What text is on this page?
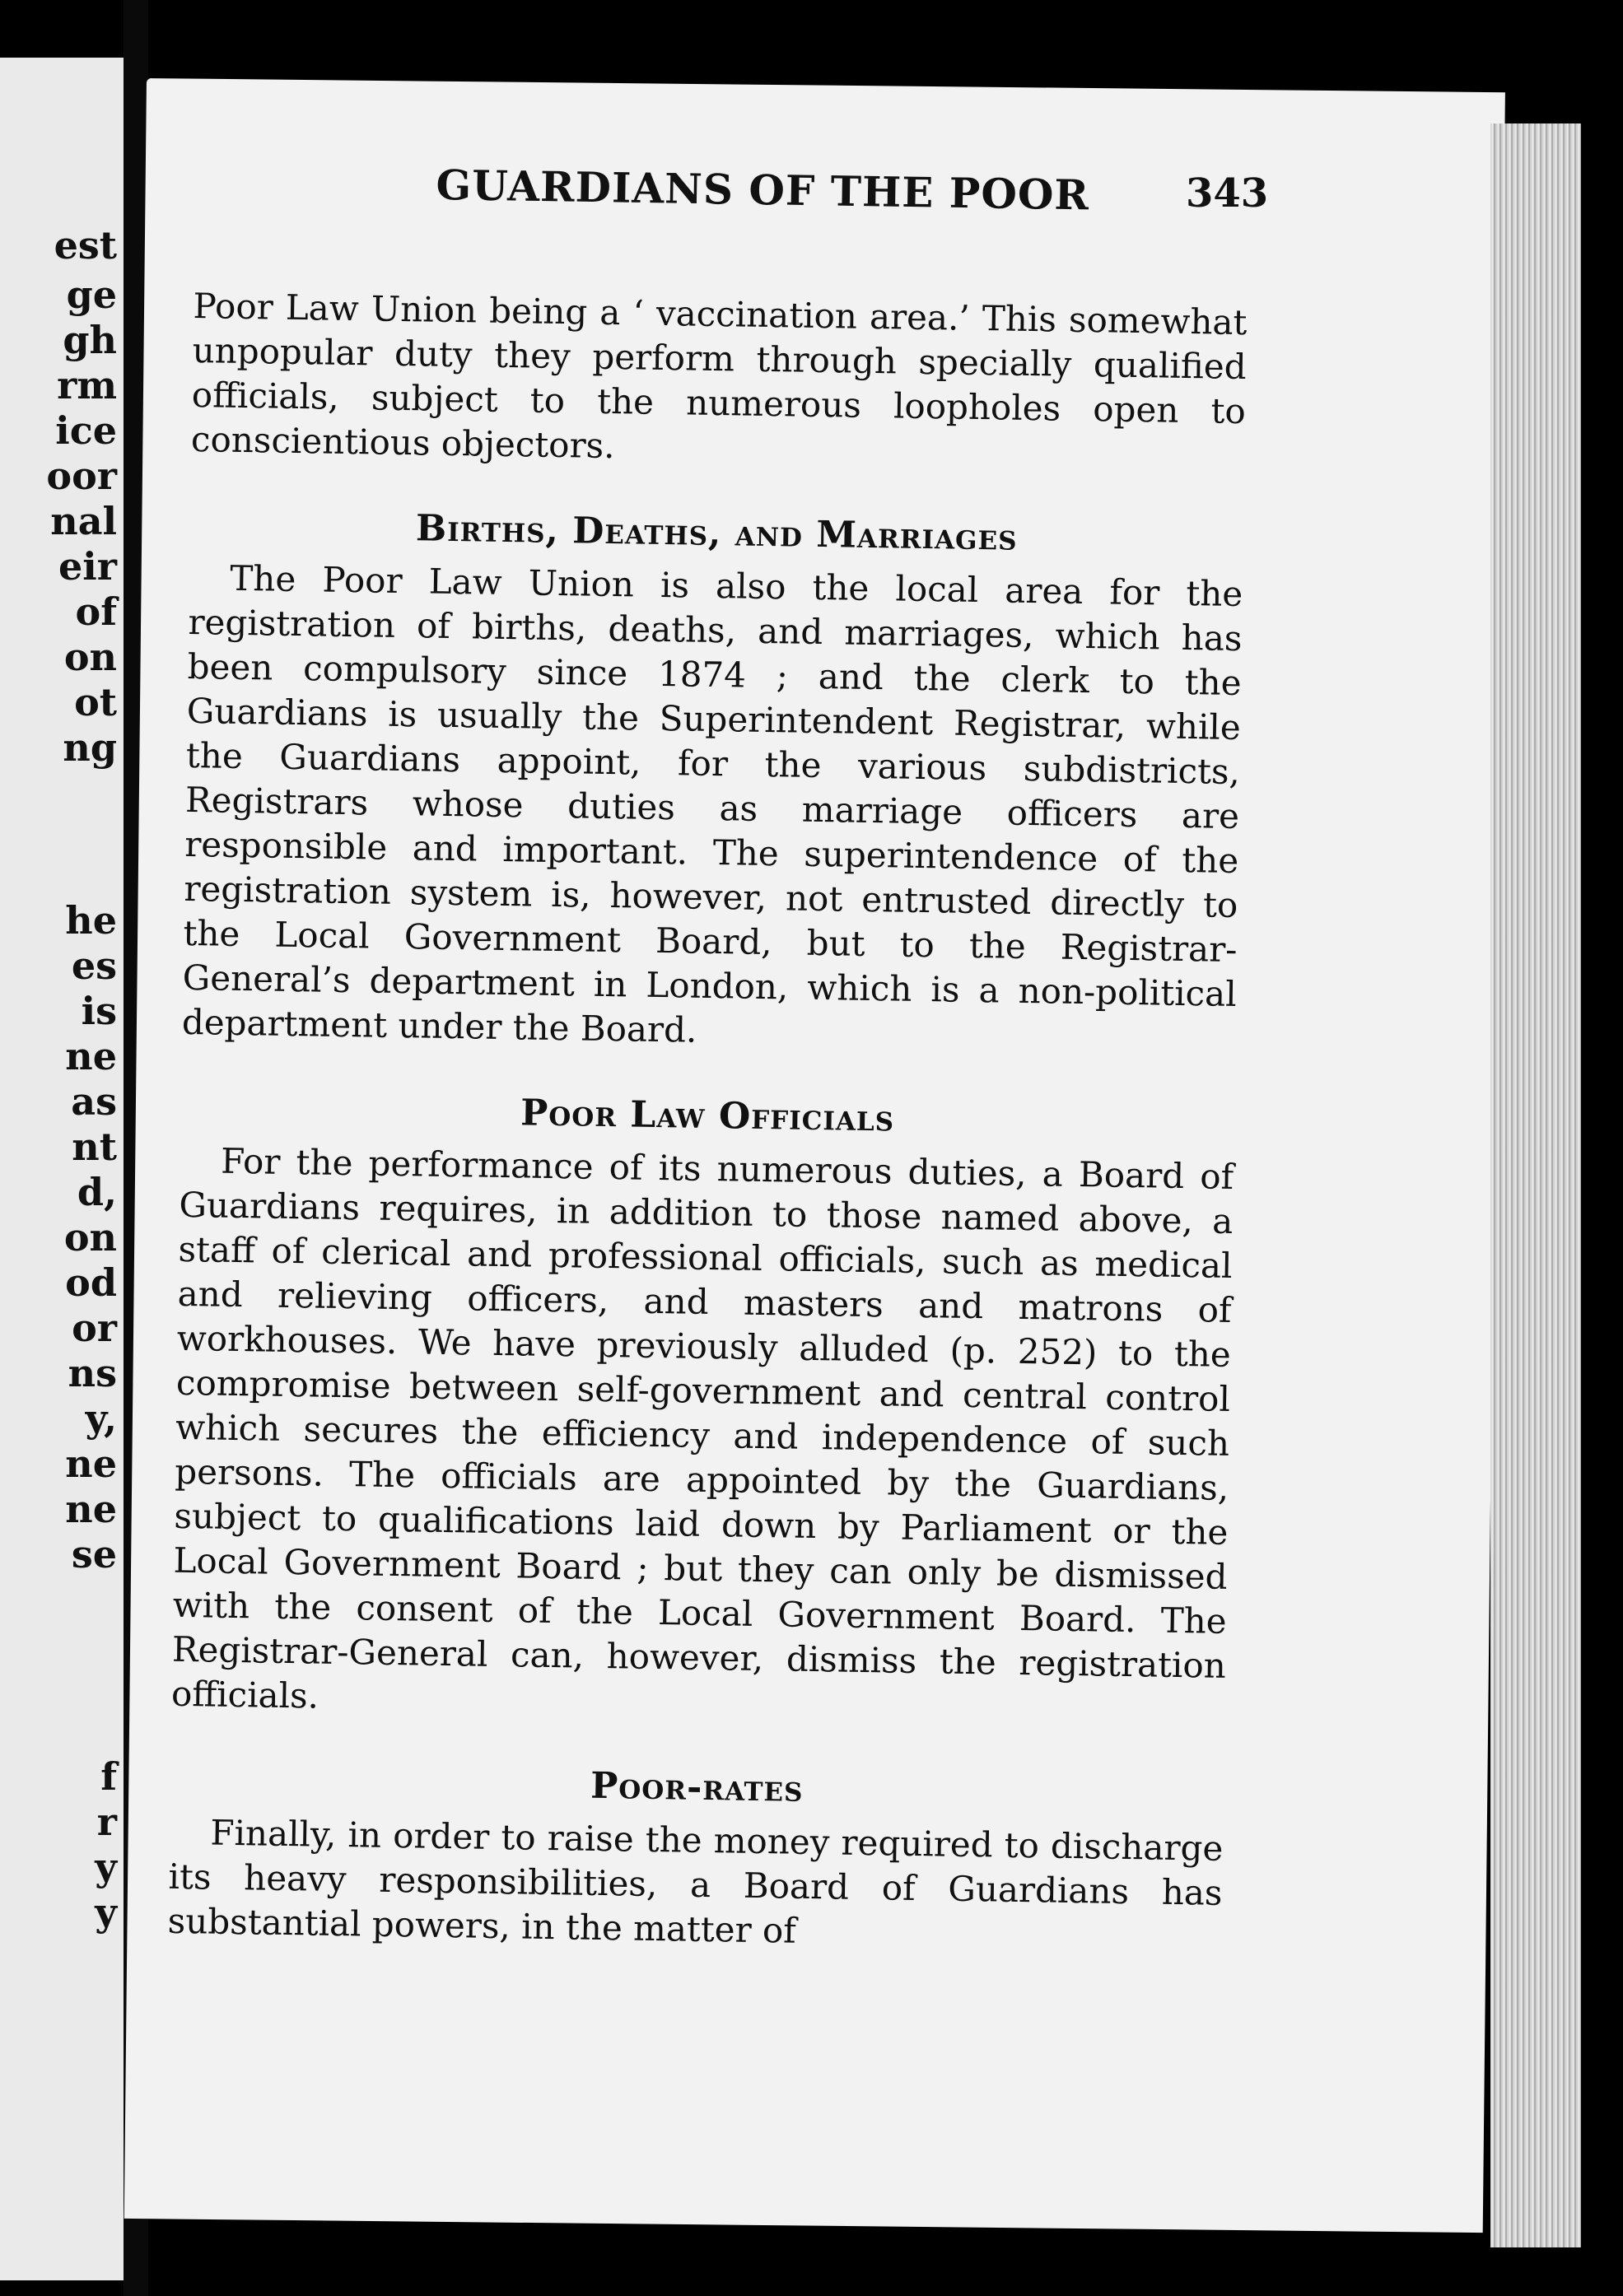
est
ge
gh
rm
ice
oor
nal
eir
of
on
ot
ng
he
es
is
ne
as
nt
d,
on
od
or
ns
y,
ne
ne
se
f
r
y
y
GUARDIANS OF THE POOR 343

Poor Law Union being a ‘ vaccination area.’ This somewhat unpopular duty they perform through specially qualified officials, subject to the numerous loopholes open to conscientious objectors.

Births, Deaths, and Marriages

The Poor Law Union is also the local area for the registration of births, deaths, and marriages, which has been compulsory since 1874 ; and the clerk to the Guardians is usually the Superintendent Registrar, while the Guardians appoint, for the various subdistricts, Registrars whose duties as marriage officers are responsible and important. The superintendence of the registration system is, however, not entrusted directly to the Local Government Board, but to the Registrar-General’s department in London, which is a non-political department under the Board.

Poor Law Officials

For the performance of its numerous duties, a Board of Guardians requires, in addition to those named above, a staff of clerical and professional officials, such as medical and relieving officers, and masters and matrons of workhouses. We have previously alluded (p. 252) to the compromise between self-government and central control which secures the efficiency and independence of such persons. The officials are appointed by the Guardians, subject to qualifications laid down by Parliament or the Local Government Board ; but they can only be dismissed with the consent of the Local Government Board. The Registrar-General can, however, dismiss the registration officials.

Poor-rates

Finally, in order to raise the money required to discharge its heavy responsibilities, a Board of Guardians has substantial powers, in the matter of
